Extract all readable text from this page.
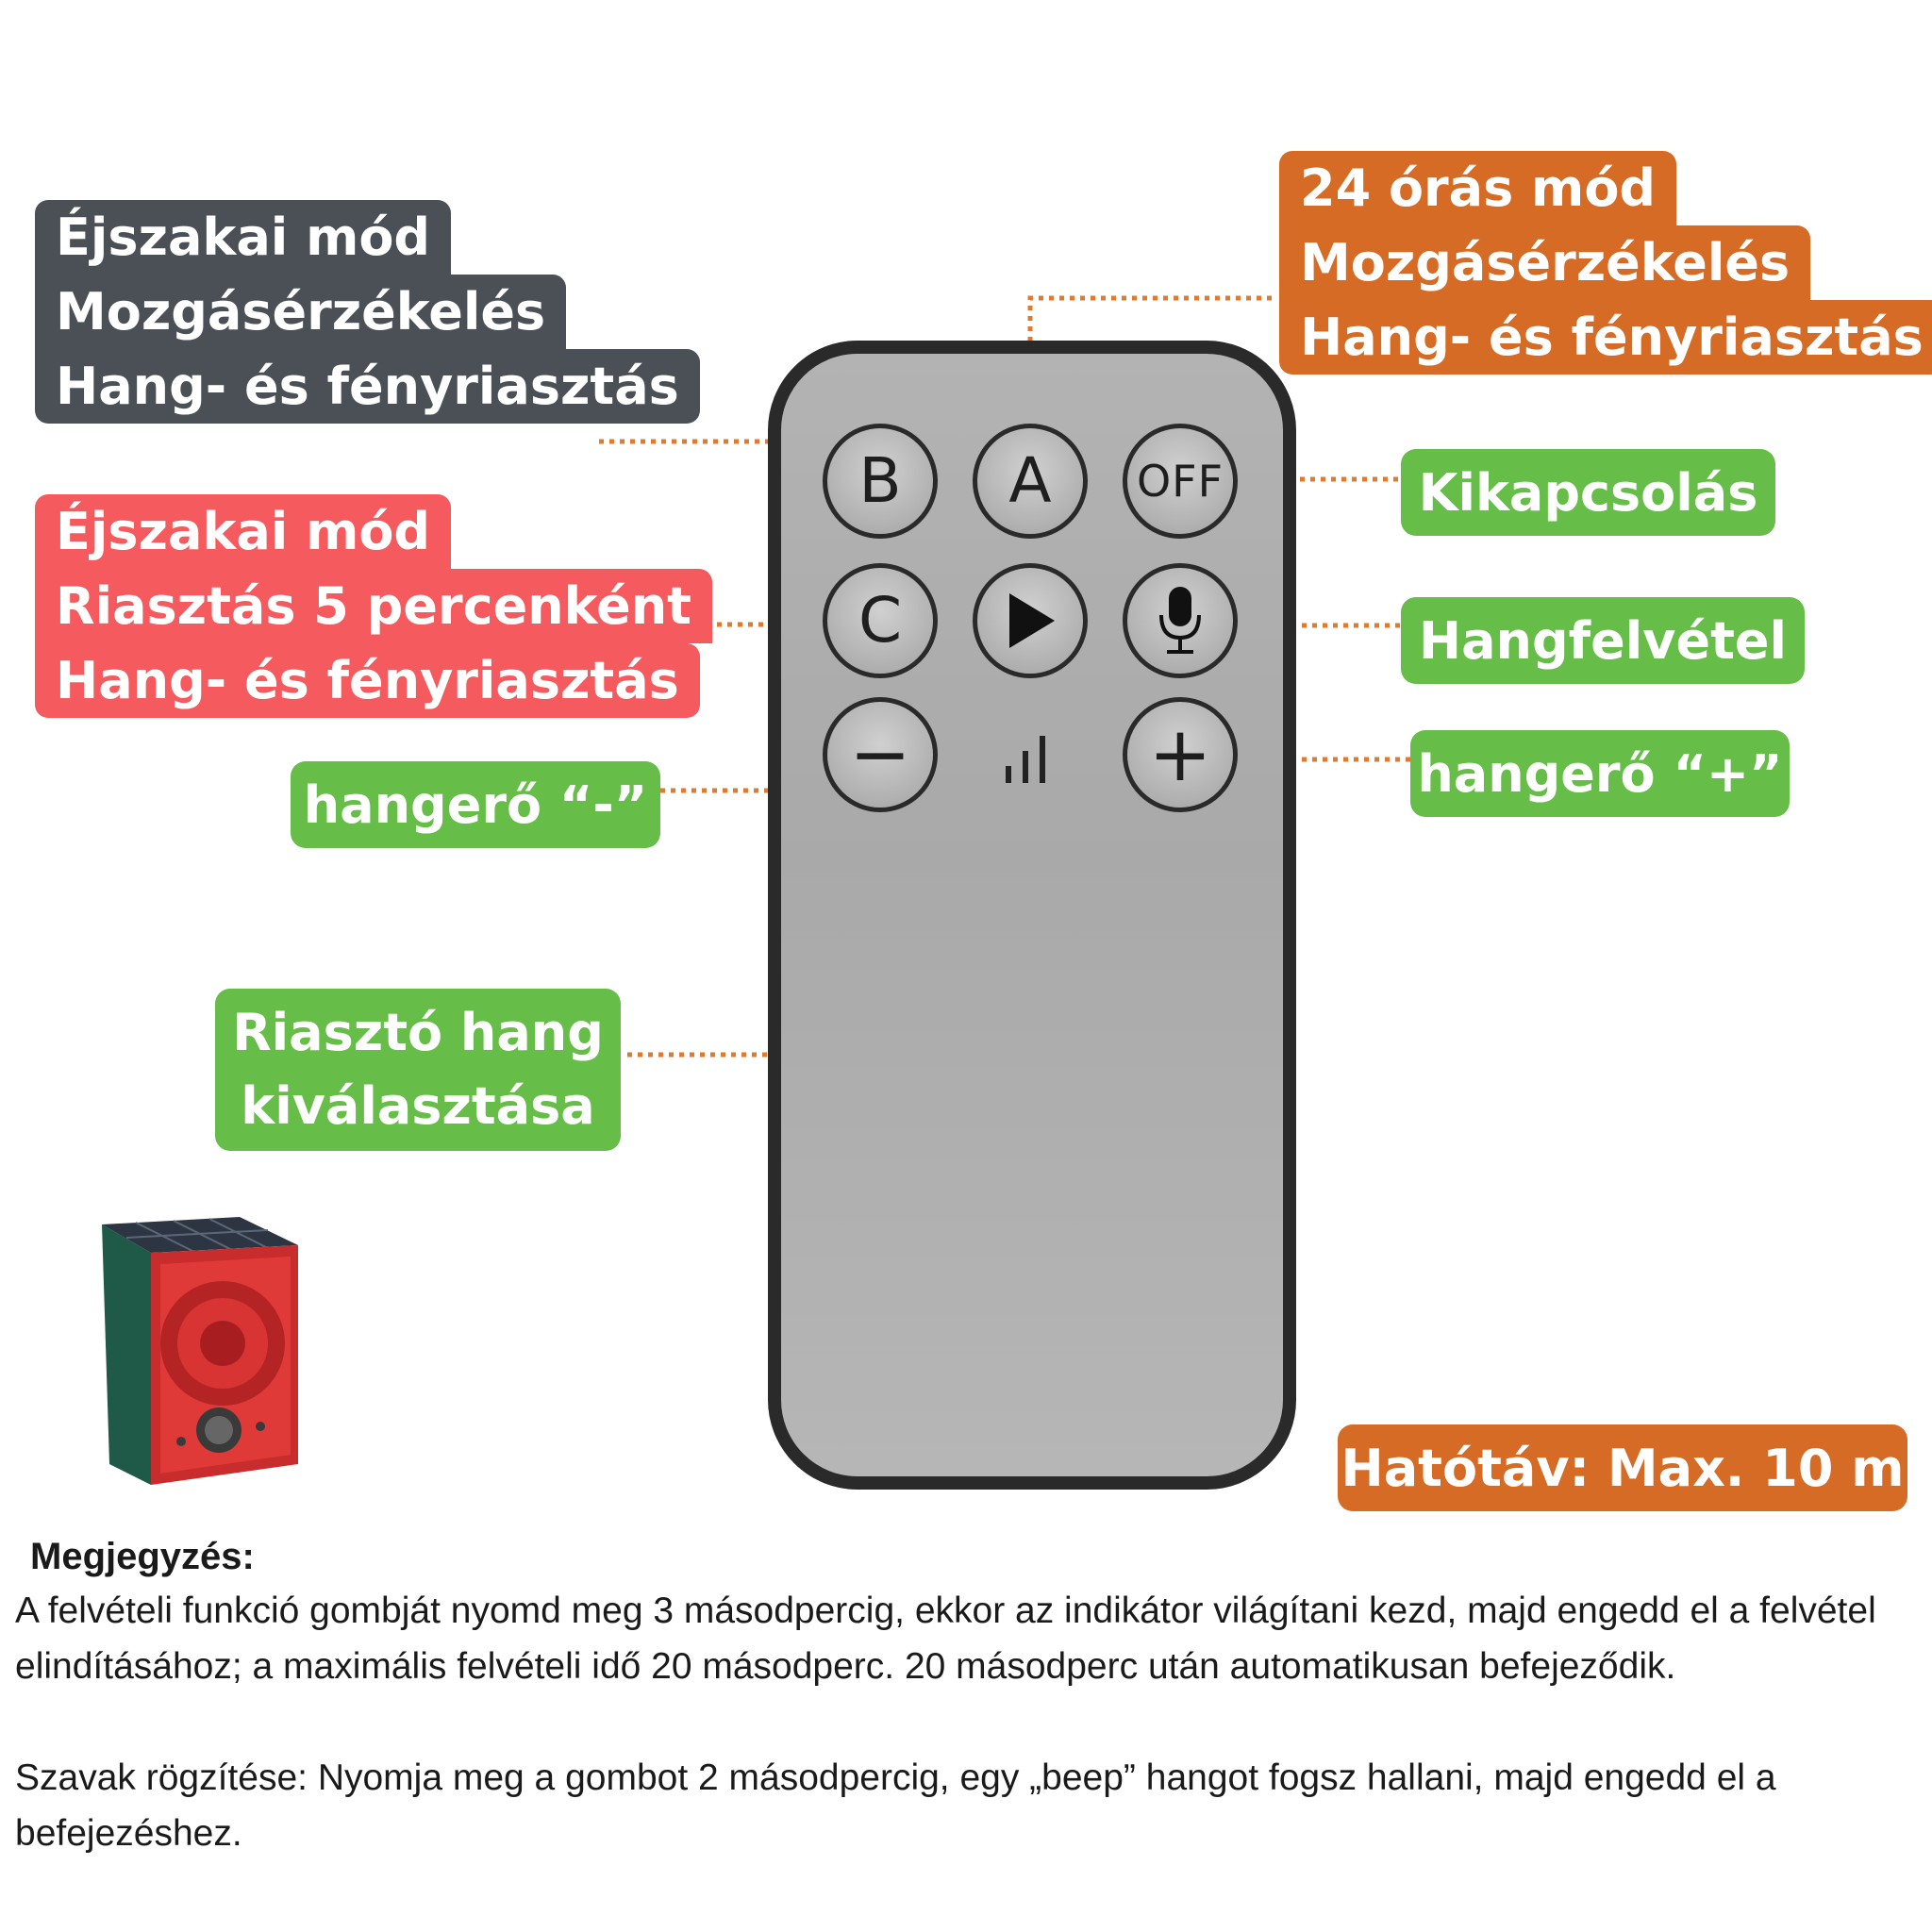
B A OFF
C
−	+
Éjszakai mód
Mozgásérzékelés
Hang- és fényriasztás
Éjszakai mód
Riasztás 5 percenként
Hang- és fényriasztás
24 órás mód
Mozgásérzékelés
Hang- és fényriasztás
Kikapcsolás
Hangfelvétel
hangerő “+”
hangerő “-”
Riasztó hang
kiválasztása
Hatótáv: Max. 10 m
Megjegyzés:

A felvételi funkció gombját nyomd meg 3 másodpercig, ekkor az indikátor világítani kezd, majd engedd el a felvétel elindításához; a maximális felvételi idő 20 másodperc. 20 másodperc után automatikusan befejeződik.

Szavak rögzítése: Nyomja meg a gombot 2 másodpercig, egy „beep” hangot fogsz hallani, majd engedd el a befejezéshez.
